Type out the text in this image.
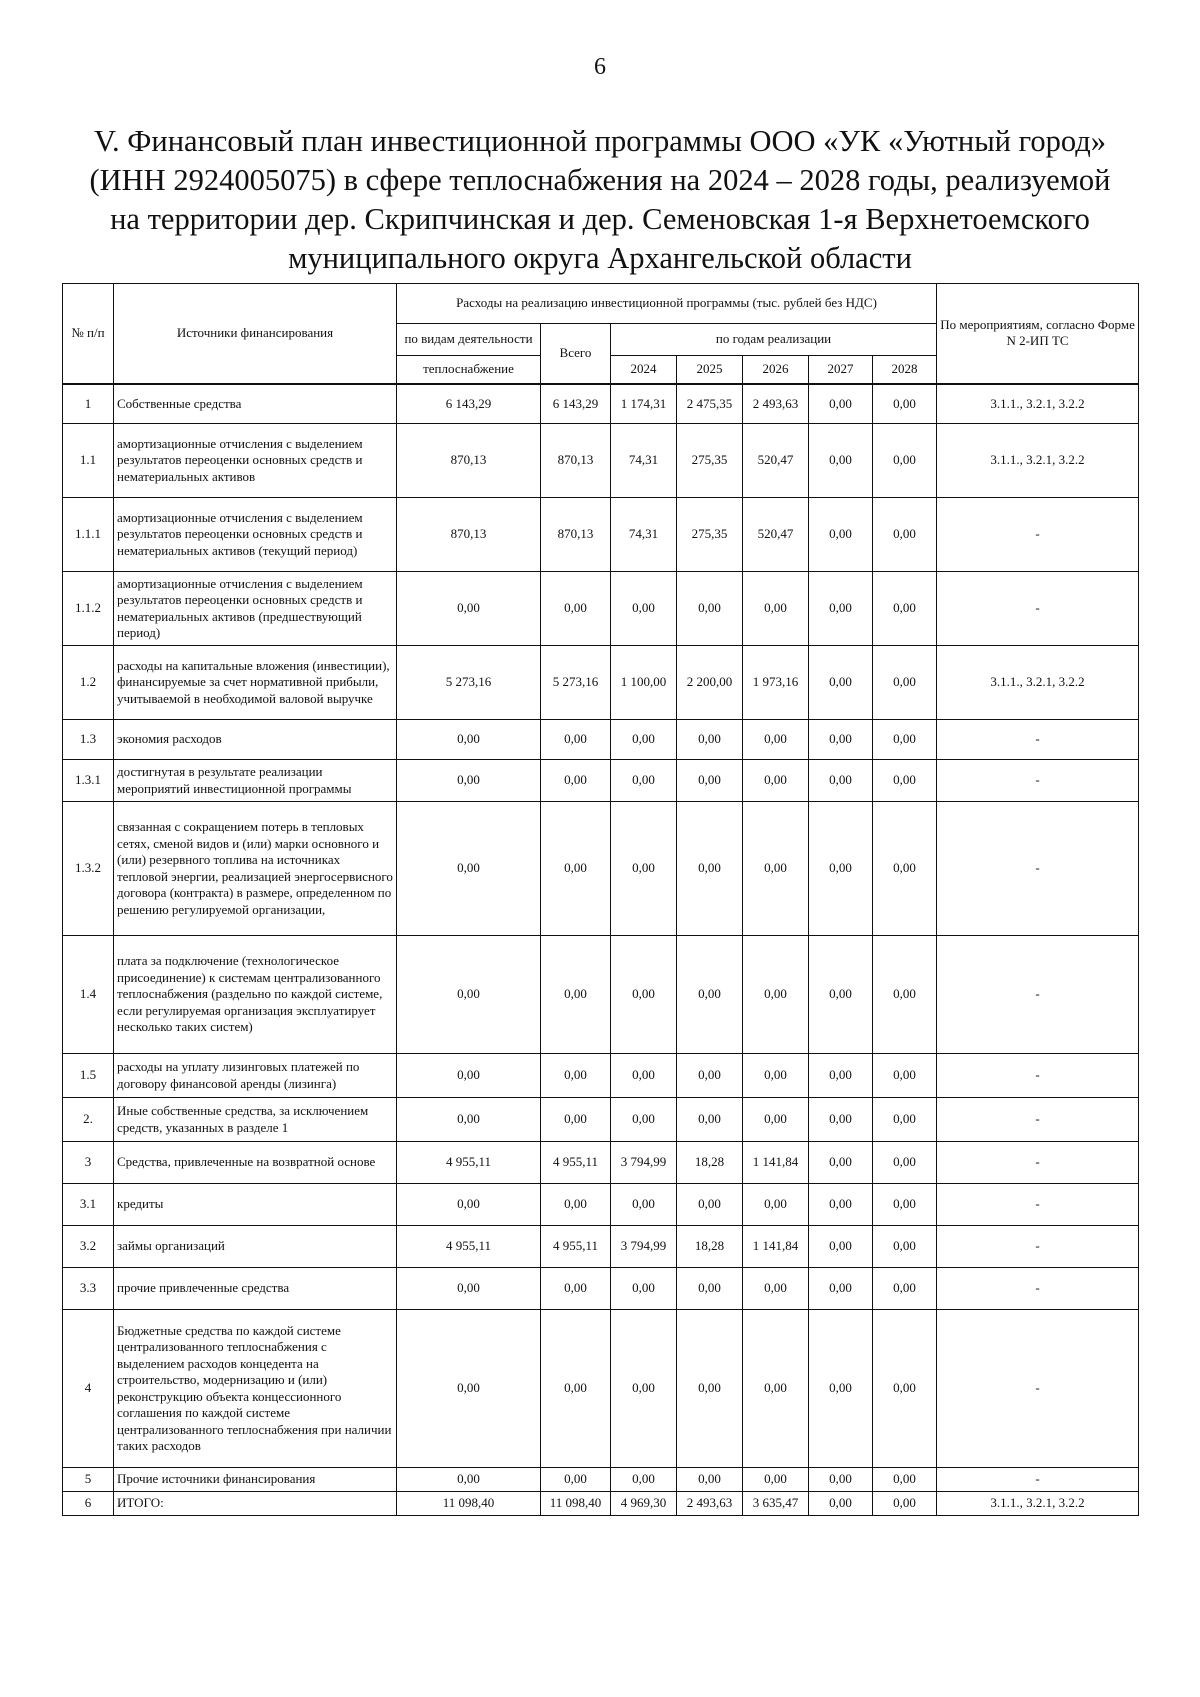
6
V. Финансовый план инвестиционной программы ООО «УК «Уютный город»
(ИНН 2924005075) в сфере теплоснабжения на 2024 – 2028 годы, реализуемой
на территории дер. Скрипчинская и дер. Семеновская 1-я Верхнетоемского
муниципального округа Архангельской области
№ п/п	Источники финансирования	Расходы на реализацию инвестиционной программы (тыс. рублей без НДС)							По мероприятиям, согласно Форме N 2-ИП ТС
		по видам деятельности	Всего	по годам реализации					
		теплоснабжение		2024	2025	2026	2027	2028	
1	Собственные средства	6 143,29	6 143,29	1 174,31	2 475,35	2 493,63	0,00	0,00	3.1.1., 3.2.1, 3.2.2
1.1	амортизационные отчисления с выделением результатов переоценки основных средств и нематериальных активов	870,13	870,13	74,31	275,35	520,47	0,00	0,00	3.1.1., 3.2.1, 3.2.2
1.1.1	амортизационные отчисления с выделением результатов переоценки основных средств и нематериальных активов (текущий период)	870,13	870,13	74,31	275,35	520,47	0,00	0,00	-
1.1.2	амортизационные отчисления с выделением результатов переоценки основных средств и нематериальных активов (предшествующий период)	0,00	0,00	0,00	0,00	0,00	0,00	0,00	-
1.2	расходы на капитальные вложения (инвестиции), финансируемые за счет нормативной прибыли, учитываемой в необходимой валовой выручке	5 273,16	5 273,16	1 100,00	2 200,00	1 973,16	0,00	0,00	3.1.1., 3.2.1, 3.2.2
1.3	экономия расходов	0,00	0,00	0,00	0,00	0,00	0,00	0,00	-
1.3.1	достигнутая в результате реализации мероприятий инвестиционной программы	0,00	0,00	0,00	0,00	0,00	0,00	0,00	-
1.3.2	связанная с сокращением потерь в тепловых сетях, сменой видов и (или) марки основного и (или) резервного топлива на источниках тепловой энергии, реализацией энергосервисного договора (контракта) в размере, определенном по решению регулируемой организации,	0,00	0,00	0,00	0,00	0,00	0,00	0,00	-
1.4	плата за подключение (технологическое присоединение) к системам централизованного теплоснабжения (раздельно по каждой системе, если регулируемая организация эксплуатирует несколько таких систем)	0,00	0,00	0,00	0,00	0,00	0,00	0,00	-
1.5	расходы на уплату лизинговых платежей по договору финансовой аренды (лизинга)	0,00	0,00	0,00	0,00	0,00	0,00	0,00	-
2.	Иные собственные средства, за исключением средств, указанных в разделе 1	0,00	0,00	0,00	0,00	0,00	0,00	0,00	-
3	Средства, привлеченные на возвратной основе	4 955,11	4 955,11	3 794,99	18,28	1 141,84	0,00	0,00	-
3.1	кредиты	0,00	0,00	0,00	0,00	0,00	0,00	0,00	-
3.2	займы организаций	4 955,11	4 955,11	3 794,99	18,28	1 141,84	0,00	0,00	-
3.3	прочие привлеченные средства	0,00	0,00	0,00	0,00	0,00	0,00	0,00	-
4	Бюджетные средства по каждой системе централизованного теплоснабжения с выделением расходов концедента на строительство, модернизацию и (или) реконструкцию объекта концессионного соглашения по каждой системе централизованного теплоснабжения при наличии таких расходов	0,00	0,00	0,00	0,00	0,00	0,00	0,00	-
5	Прочие источники финансирования	0,00	0,00	0,00	0,00	0,00	0,00	0,00	-
6	ИТОГО:	11 098,40	11 098,40	4 969,30	2 493,63	3 635,47	0,00	0,00	3.1.1., 3.2.1, 3.2.2
